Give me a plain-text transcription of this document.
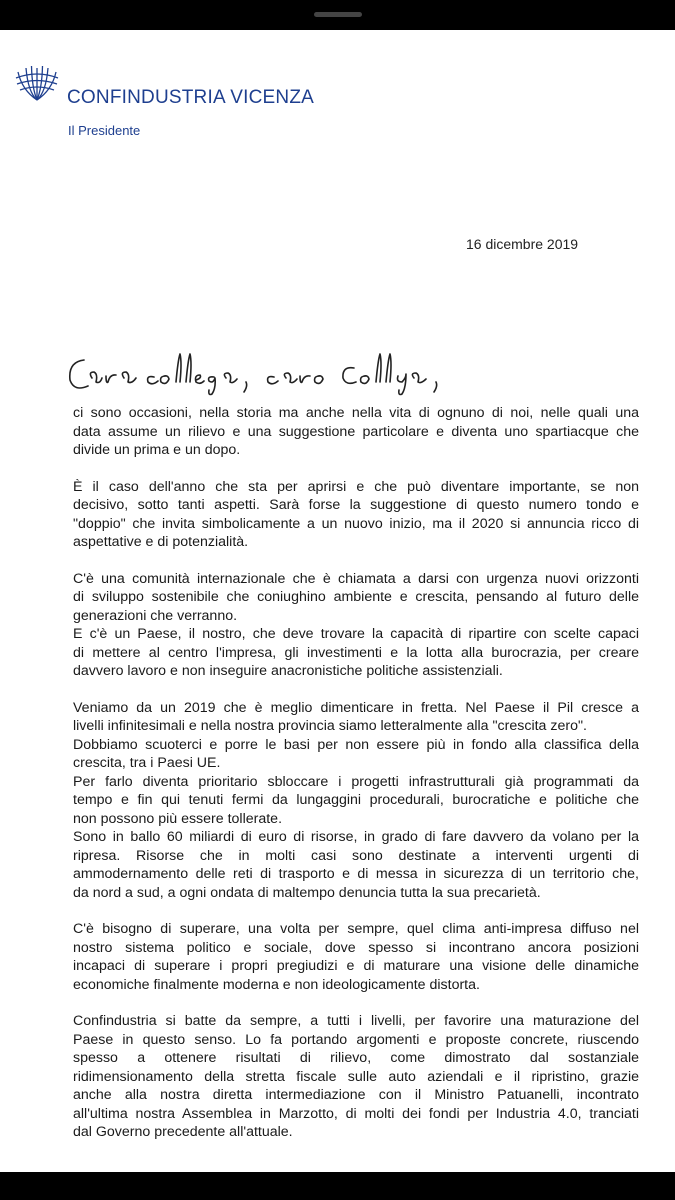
CONFINDUSTRIA VICENZA
Il Presidente
16 dicembre 2019

ci sono occasioni, nella storia ma anche nella vita di ognuno di noi, nelle quali una
data assume un rilievo e una suggestione particolare e diventa uno spartiacque che
divide un prima e un dopo.

È il caso dell'anno che sta per aprirsi e che può diventare importante, se non
decisivo, sotto tanti aspetti. Sarà forse la suggestione di questo numero tondo e
"doppio" che invita simbolicamente a un nuovo inizio, ma il 2020 si annuncia ricco di
aspettative e di potenzialità.

C'è una comunità internazionale che è chiamata a darsi con urgenza nuovi orizzonti
di sviluppo sostenibile che coniughino ambiente e crescita, pensando al futuro delle
generazioni che verranno.
E c'è un Paese, il nostro, che deve trovare la capacità di ripartire con scelte capaci
di mettere al centro l'impresa, gli investimenti e la lotta alla burocrazia, per creare
davvero lavoro e non inseguire anacronistiche politiche assistenziali.

Veniamo da un 2019 che è meglio dimenticare in fretta. Nel Paese il Pil cresce a
livelli infinitesimali e nella nostra provincia siamo letteralmente alla "crescita zero".
Dobbiamo scuoterci e porre le basi per non essere più in fondo alla classifica della
crescita, tra i Paesi UE.
Per farlo diventa prioritario sbloccare i progetti infrastrutturali già programmati da
tempo e fin qui tenuti fermi da lungaggini procedurali, burocratiche e politiche che
non possono più essere tollerate.
Sono in ballo 60 miliardi di euro di risorse, in grado di fare davvero da volano per la
ripresa. Risorse che in molti casi sono destinate a interventi urgenti di
ammodernamento delle reti di trasporto e di messa in sicurezza di un territorio che,
da nord a sud, a ogni ondata di maltempo denuncia tutta la sua precarietà.

C'è bisogno di superare, una volta per sempre, quel clima anti-impresa diffuso nel
nostro sistema politico e sociale, dove spesso si incontrano ancora posizioni
incapaci di superare i propri pregiudizi e di maturare una visione delle dinamiche
economiche finalmente moderna e non ideologicamente distorta.

Confindustria si batte da sempre, a tutti i livelli, per favorire una maturazione del
Paese in questo senso. Lo fa portando argomenti e proposte concrete, riuscendo
spesso a ottenere risultati di rilievo, come dimostrato dal sostanziale
ridimensionamento della stretta fiscale sulle auto aziendali e il ripristino, grazie
anche alla nostra diretta intermediazione con il Ministro Patuanelli, incontrato
all'ultima nostra Assemblea in Marzotto, di molti dei fondi per Industria 4.0, tranciati
dal Governo precedente all'attuale.
